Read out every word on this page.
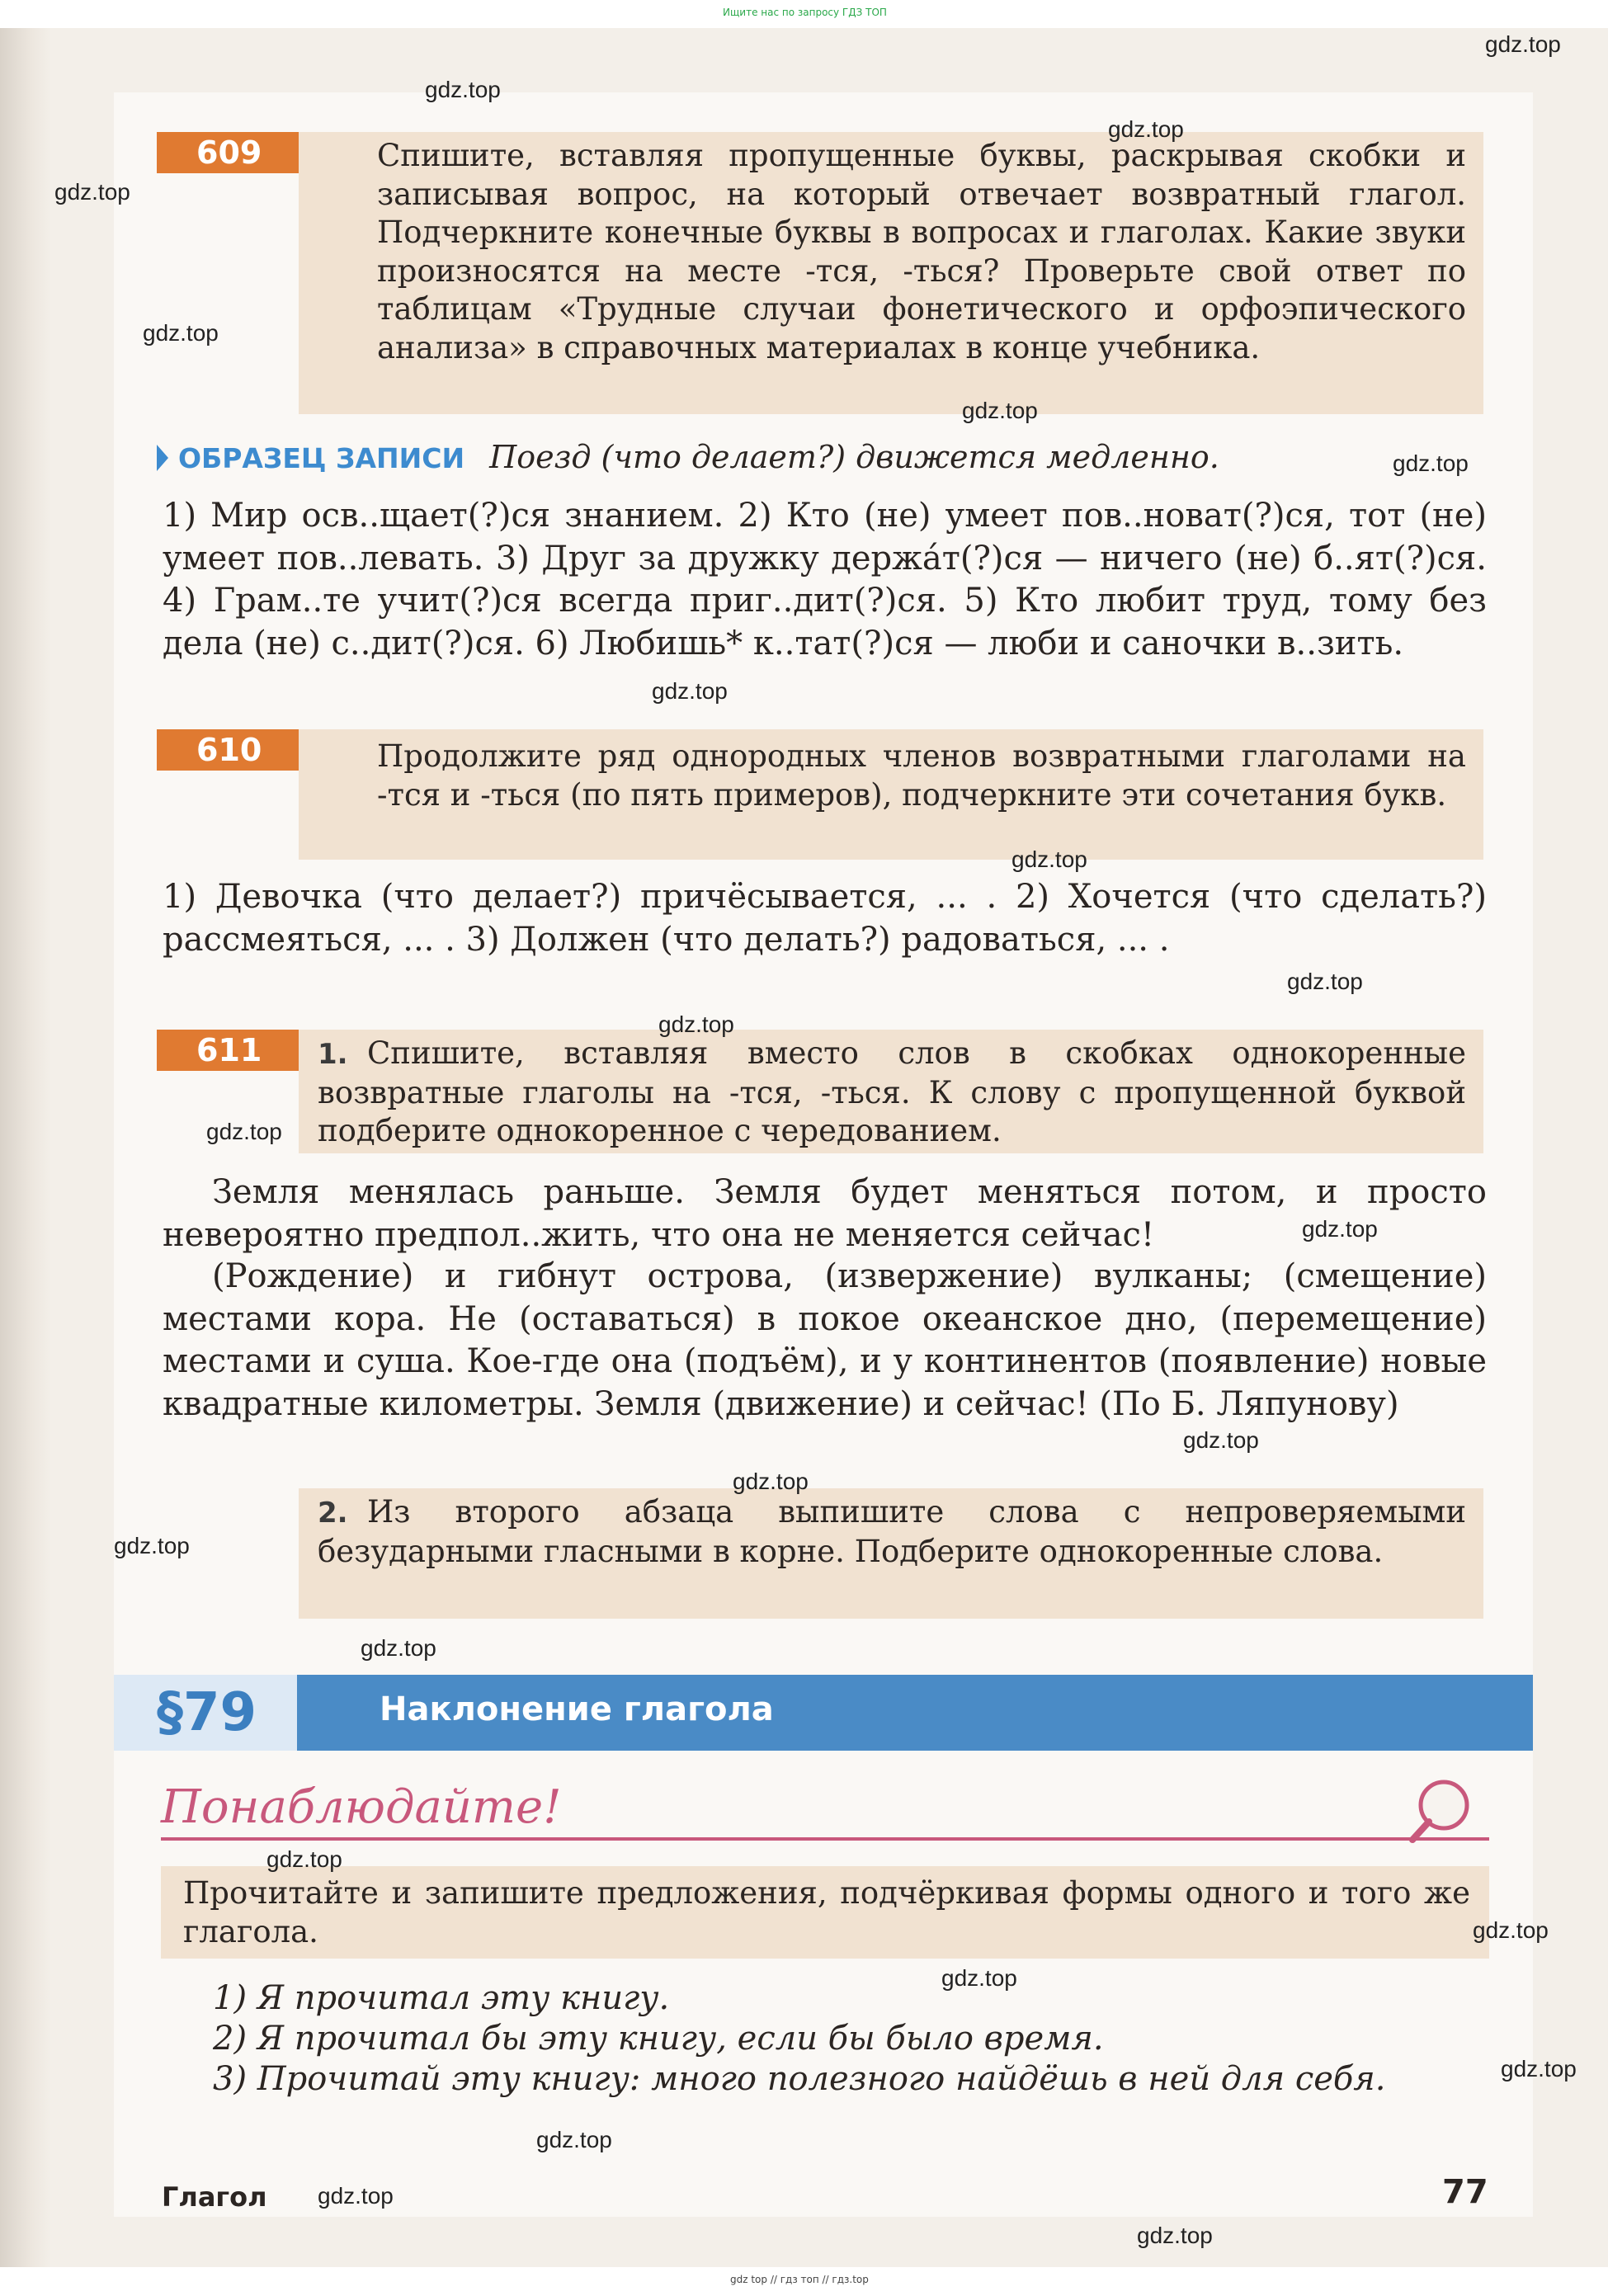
Ищите нас по запросу ГДЗ ТОП
gdz top // гдз топ // гдз.top
609	Спишите, вставляя пропущенные буквы, раскрывая скобки и записывая вопрос, на который отвечает возвратный глагол. Подчеркните конечные буквы в вопросах и глаголах. Какие звуки произносятся на месте -тся, -ться? Проверьте свой ответ по таблицам «Трудные случаи фонетического и орфоэпического анализа» в справочных материалах в конце учебника.
ОБРАЗЕЦ ЗАПИСИ Поезд (что делает?) движется медленно.
1) Мир осв..щает(?)ся знанием. 2) Кто (не) умеет пов..новат(?)ся, тот (не) умеет пов..левать. 3) Друг за дружку держа́т(?)ся — ничего (не) б..ят(?)ся. 4) Грам..те учит(?)ся всегда приг..дит(?)ся. 5) Кто любит труд, тому без дела (не) с..дит(?)ся. 6) Любишь* к..тат(?)ся — люби и саночки в..зить.
610	Продолжите ряд однородных членов возвратными глаголами на -тся и -ться (по пять примеров), подчеркните эти сочетания букв.
1) Девочка (что делает?) причёсывается, ... . 2) Хочется (что сделать?) рассмеяться, ... . 3) Должен (что делать?) радоваться, ... .
611	1. Спишите, вставляя вместо слов в скобках однокоренные возвратные глаголы на -тся, -ться. К слову с пропущенной буквой подберите однокоренное с чередованием.
Земля менялась раньше. Земля будет меняться потом, и просто невероятно предпол..жить, что она не меняется сейчас!
(Рождение) и гибнут острова, (извержение) вулканы; (смещение) местами кора. Не (оставаться) в покое океанское дно, (перемещение) местами и суша. Кое-где она (подъём), и у континентов (появление) новые квадратные километры. Земля (движение) и сейчас! (По Б. Ляпунову)
2. Из второго абзаца выпишите слова с непроверяемыми безударными гласными в корне. Подберите однокоренные слова.
§79	Наклонение глагола
Понаблюдайте!
Прочитайте и запишите предложения, подчёркивая формы одного и того же глагола.
1) Я прочитал эту книгу.
2) Я прочитал бы эту книгу, если бы было время.
3) Прочитай эту книгу: много полезного найдёшь в ней для себя.
Глагол	77
gdz.top
gdz.top
gdz.top
gdz.top
gdz.top
gdz.top
gdz.top
gdz.top
gdz.top
gdz.top
gdz.top
gdz.top
gdz.top
gdz.top
gdz.top
gdz.top
gdz.top
gdz.top
gdz.top
gdz.top
gdz.top
gdz.top
gdz.top
gdz.top
